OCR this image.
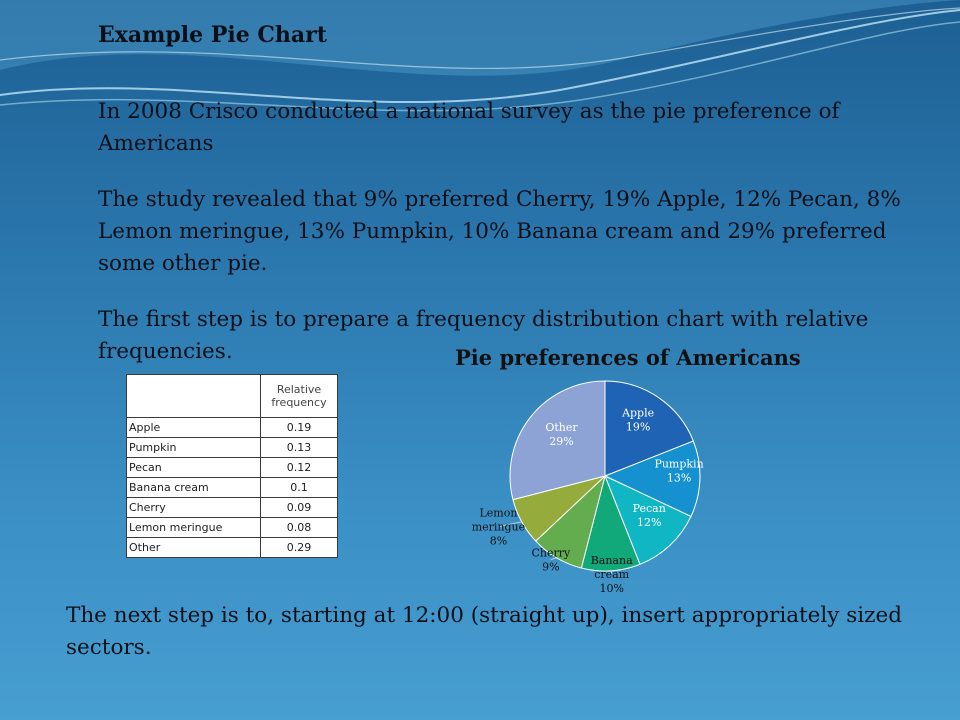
Example Pie Chart
In 2008 Crisco conducted a national survey as the pie preference of Americans
The study revealed that 9% preferred Cherry, 19% Apple, 12% Pecan, 8% Lemon meringue, 13% Pumpkin, 10% Banana cream and 29% preferred some other pie.
The first step is to prepare a frequency distribution chart with relative frequencies.
The next step is to, starting at 12:00 (straight up), insert appropriately sized sectors.
	Relative frequency
Apple	0.19
Pumpkin	0.13
Pecan	0.12
Banana cream	0.1
Cherry	0.09
Lemon meringue	0.08
Other	0.29
Pie preferences of Americans
Apple 19%
Pumpkin 13%
Pecan 12%
Banana cream 10%
Cherry 9%
Lemon meringue 8%
Other 29%
